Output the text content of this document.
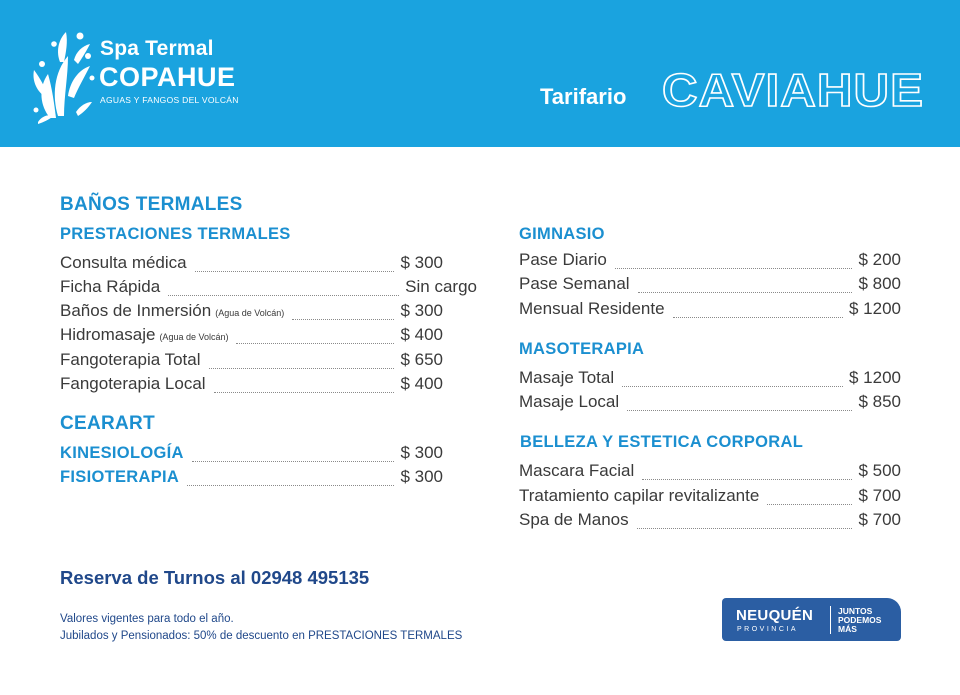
Spa Termal
COPAHUE
AGUAS Y FANGOS DEL VOLCÁN	Tarifario CAVIAHUE
BAÑOS TERMALES
PRESTACIONES TERMALES
Consulta médica	$ 300
Ficha Rápida	Sin cargo
Baños de Inmersión (Agua de Volcán)	$ 300
Hidromasaje (Agua de Volcán)	$ 400
Fangoterapia Total	$ 650
Fangoterapia Local	$ 400
CEARART
KINESIOLOGÍA	$ 300
FISIOTERAPIA	$ 300
GIMNASIO
Pase Diario	$ 200
Pase Semanal	$ 800
Mensual Residente	$ 1200
MASOTERAPIA
Masaje Total	$ 1200
Masaje Local	$ 850
BELLEZA Y ESTETICA CORPORAL
Mascara Facial	$ 500
Tratamiento capilar revitalizante	$ 700
Spa de Manos	$ 700
Reserva de Turnos al 02948 495135
Valores vigentes para todo el año.
Jubilados y Pensionados: 50% de descuento en PRESTACIONES TERMALES
NEUQUÉN
PROVINCIA
JUNTOS PODEMOS MÁS
